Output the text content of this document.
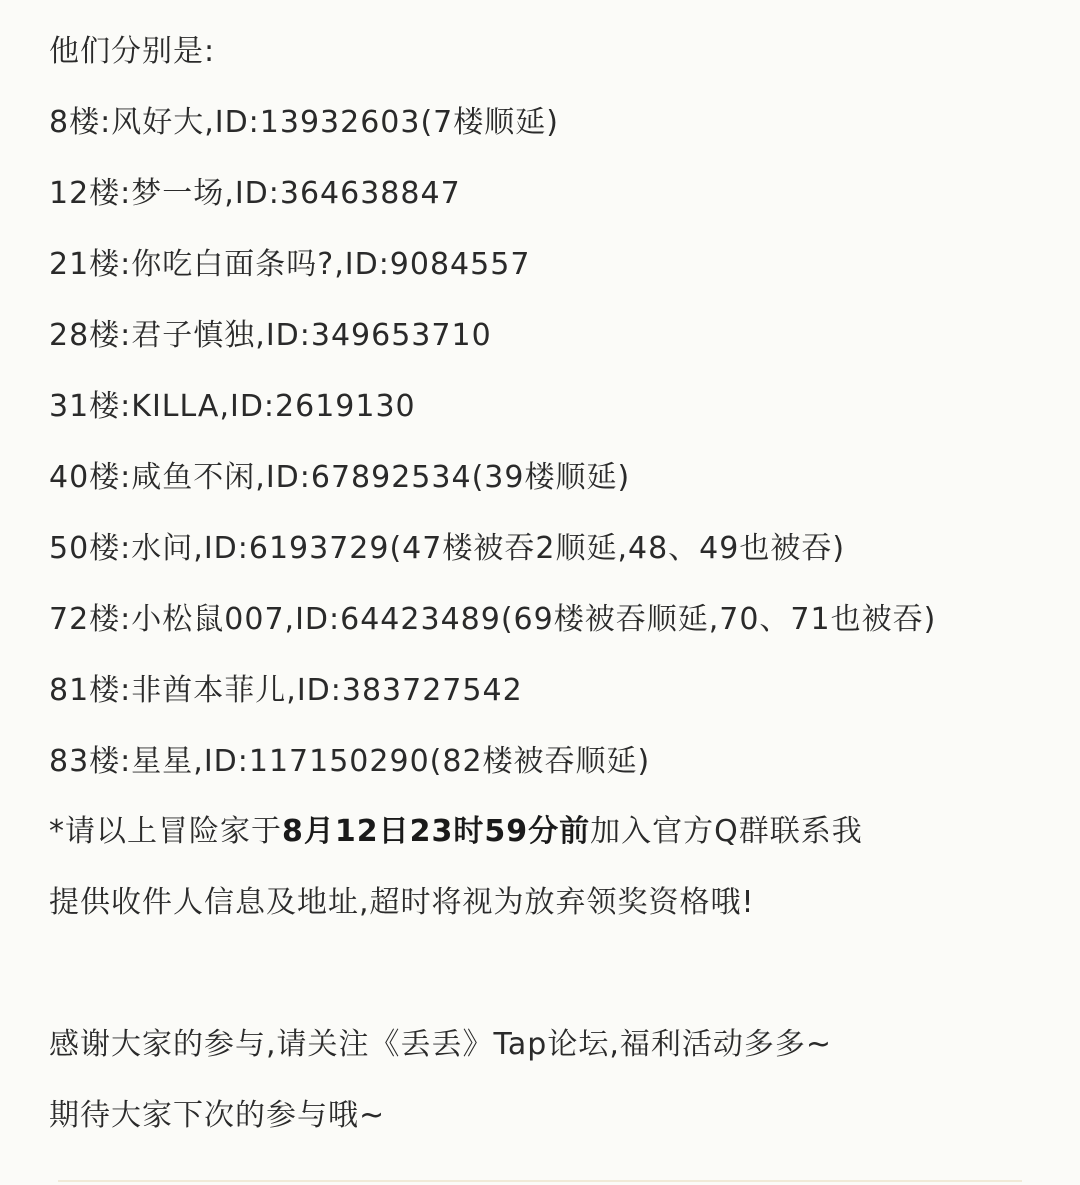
他们分别是:
8楼:风好大,ID:13932603(7楼顺延)
12楼:梦一场,ID:364638847
21楼:你吃白面条吗?,ID:9084557
28楼:君子慎独,ID:349653710
31楼:KILLA,ID:2619130
40楼:咸鱼不闲,ID:67892534(39楼顺延)
50楼:水问,ID:6193729(47楼被吞2顺延,48、49也被吞)
72楼:小松鼠007,ID:64423489(69楼被吞顺延,70、71也被吞)
81楼:非酋本菲儿,ID:383727542
83楼:星星,ID:117150290(82楼被吞顺延)
*请以上冒险家于8月12日23时59分前加入官方Q群联系我
提供收件人信息及地址,超时将视为放弃领奖资格哦!
感谢大家的参与,请关注《丢丢》Tap论坛,福利活动多多~
期待大家下次的参与哦~
